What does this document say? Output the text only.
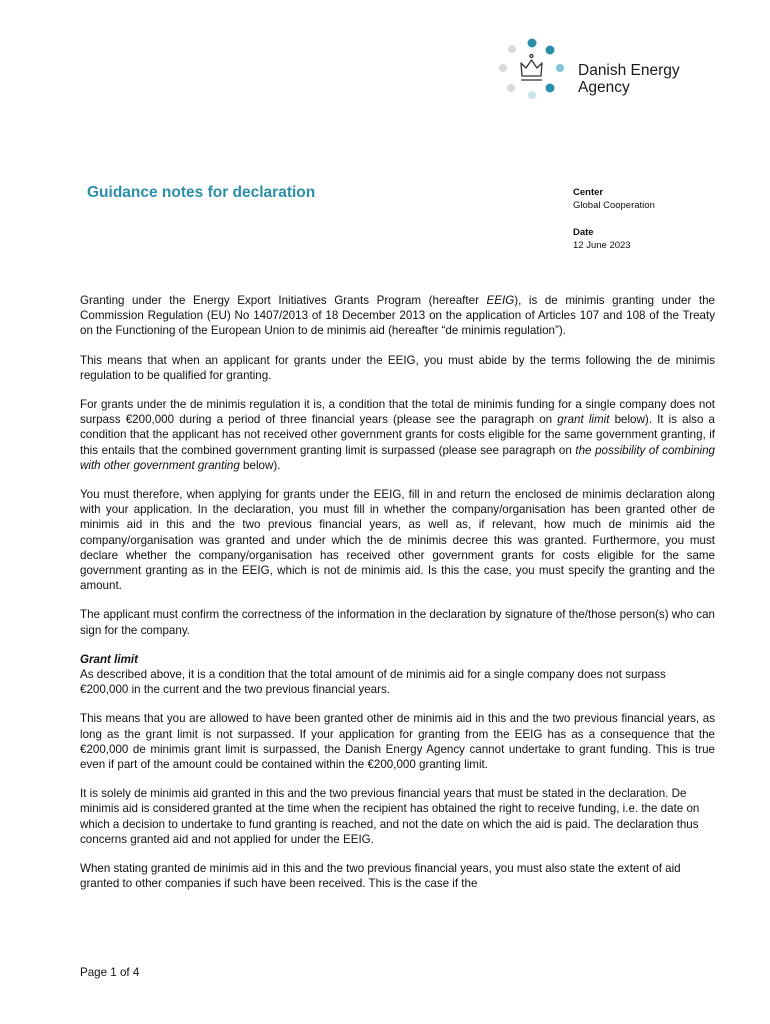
Danish Energy
Agency
Guidance notes for declaration	Center
Global Cooperation
Date
12 June 2023

Granting under the Energy Export Initiatives Grants Program (hereafter EEIG), is de minimis granting under the Commission Regulation (EU) No 1407/2013 of 18 December 2013 on the application of Articles 107 and 108 of the Treaty on the Functioning of the European Union to de minimis aid (hereafter “de minimis regulation”).

This means that when an applicant for grants under the EEIG, you must abide by the terms following the de minimis regulation to be qualified for granting.

For grants under the de minimis regulation it is, a condition that the total de minimis funding for a single company does not surpass €200,000 during a period of three financial years (please see the paragraph on grant limit below). It is also a condition that the applicant has not received other government grants for costs eligible for the same government granting, if this entails that the combined government granting limit is surpassed (please see paragraph on the possibility of combining with other government granting below).

You must therefore, when applying for grants under the EEIG, fill in and return the enclosed de minimis declaration along with your application. In the declaration, you must fill in whether the company/organisation has been granted other de minimis aid in this and the two previous financial years, as well as, if relevant, how much de minimis aid the company/organisation was granted and under which the de minimis decree this was granted. Furthermore, you must declare whether the company/organisation has received other government grants for costs eligible for the same government granting as in the EEIG, which is not de minimis aid. Is this the case, you must specify the granting and the amount.

The applicant must confirm the correctness of the information in the declaration by signature of the/those person(s) who can sign for the company.

Grant limit

As described above, it is a condition that the total amount of de minimis aid for a single company does not surpass €200,000 in the current and the two previous financial years.

This means that you are allowed to have been granted other de minimis aid in this and the two previous financial years, as long as the grant limit is not surpassed. If your application for granting from the EEIG has as a consequence that the €200,000 de minimis grant limit is surpassed, the Danish Energy Agency cannot undertake to grant funding. This is true even if part of the amount could be contained within the €200,000 granting limit.

It is solely de minimis aid granted in this and the two previous financial years that must be stated in the declaration. De minimis aid is considered granted at the time when the recipient has obtained the right to receive funding, i.e. the date on which a decision to undertake to fund granting is reached, and not the date on which the aid is paid. The declaration thus concerns granted aid and not applied for under the EEIG.

When stating granted de minimis aid in this and the two previous financial years, you must also state the extent of aid granted to other companies if such have been received. This is the case if the

Page 1 of 4
